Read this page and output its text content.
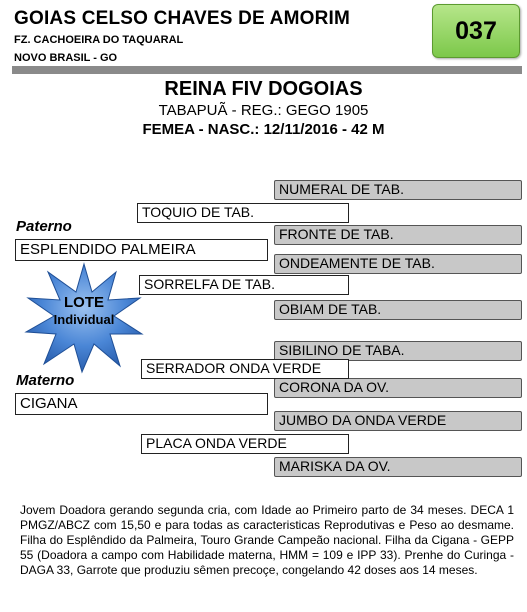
GOIAS CELSO CHAVES DE AMORIM
FZ. CACHOEIRA DO TAQUARAL
NOVO BRASIL - GO
037
REINA FIV DOGOIAS
TABAPUÃ - REG.: GEGO 1905
FEMEA - NASC.: 12/11/2016 - 42 M
NUMERAL DE TAB.
FRONTE DE TAB.
ONDEAMENTE DE TAB.
OBIAM DE TAB.
SIBILINO DE TABA.
CORONA DA OV.
JUMBO DA ONDA VERDE
MARISKA DA OV.
TOQUIO DE TAB.
SORRELFA DE TAB.
SERRADOR ONDA VERDE
PLACA ONDA VERDE
Paterno
ESPLENDIDO PALMEIRA
Materno
CIGANA
LOTE
Individual
Jovem Doadora gerando segunda cria, com Idade ao Primeiro parto de 34 meses. DECA 1 PMGZ/ABCZ com 15,50 e para todas as caracteristicas Reprodutivas e Peso ao desmame. Filha do Esplêndido da Palmeira, Touro Grande Campeão nacional. Filha da Cigana - GEPP 55 (Doadora a campo com Habilidade materna, HMM = 109 e IPP 33). Prenhe do Curinga - DAGA 33, Garrote que produziu sêmen precoçe, congelando 42 doses aos 14 meses.
